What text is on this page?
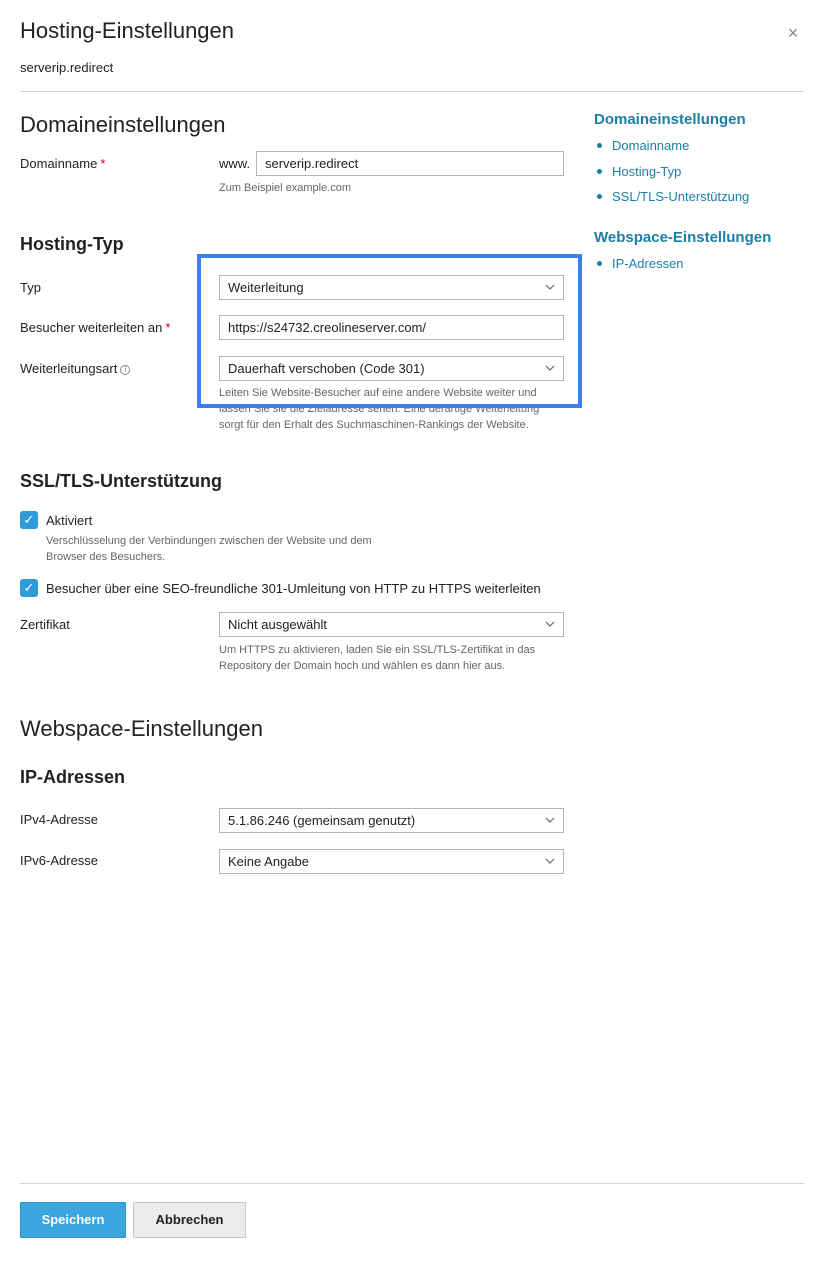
Hosting-Einstellungen
serverip.redirect
×
Domaineinstellungen
Domainname *	www.	serverip.redirect
Zum Beispiel example.com
Hosting-Typ
Typ	Weiterleitung
Besucher weiterleiten an *	https://s24732.creolineserver.com/
Weiterleitungsart i	Dauerhaft verschoben (Code 301)
Leiten Sie Website-Besucher auf eine andere Website weiter und
lassen Sie sie die Zieladresse sehen. Eine derartige Weiterleitung
sorgt für den Erhalt des Suchmaschinen-Rankings der Website.
SSL/TLS-Unterstützung
✓ Aktiviert
Verschlüsselung der Verbindungen zwischen der Website und dem
Browser des Besuchers.
✓ Besucher über eine SEO-freundliche 301-Umleitung von HTTP zu HTTPS weiterleiten
Zertifikat	Nicht ausgewählt
Um HTTPS zu aktivieren, laden Sie ein SSL/TLS-Zertifikat in das
Repository der Domain hoch und wählen es dann hier aus.
Webspace-Einstellungen
IP-Adressen
IPv4-Adresse	5.1.86.246 (gemeinsam genutzt)
IPv6-Adresse	Keine Angabe
Domaineinstellungen
Domainname
Hosting-Typ
SSL/TLS-Unterstützung
Webspace-Einstellungen
IP-Adressen
Speichern	Abbrechen
